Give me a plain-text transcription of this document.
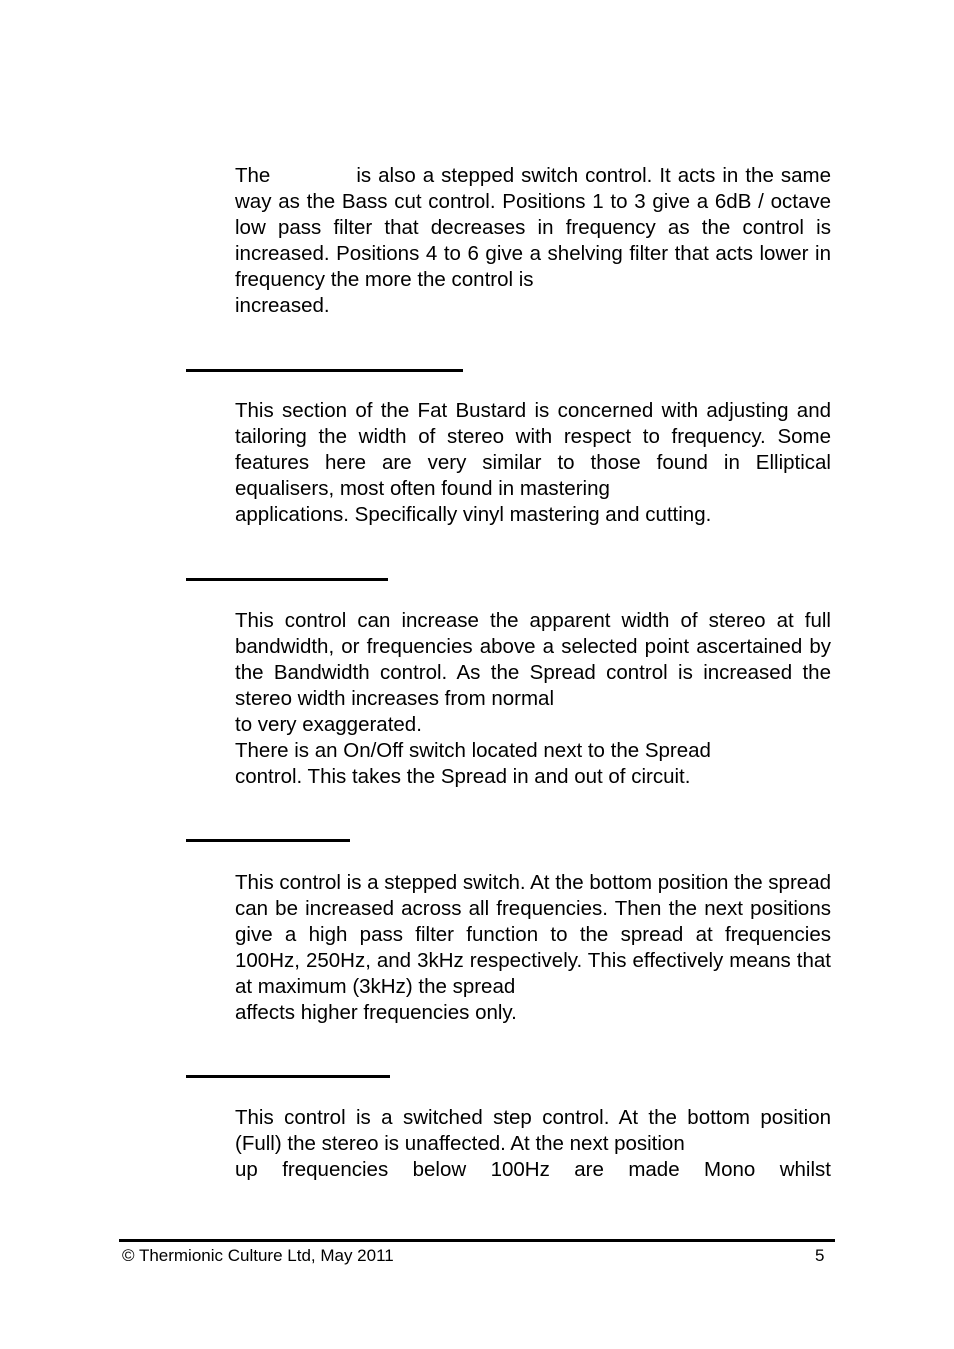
The	is also a stepped switch control. It acts in the same way as the Bass cut control. Positions 1 to 3 give a 6dB / octave low pass filter that decreases in frequency as the control is increased. Positions 4 to 6 give a shelving filter that acts lower in frequency the more the control is
increased.
This section of the Fat Bustard is concerned with adjusting and tailoring the width of stereo with respect to frequency. Some features here are very similar to those found in Elliptical equalisers, most often found in mastering
applications. Specifically vinyl mastering and cutting.
This control can increase the apparent width of stereo at full bandwidth, or frequencies above a selected point ascertained by the Bandwidth control. As the Spread control is increased the stereo width increases from normal
to very exaggerated.
There is an On/Off switch located next to the Spread
control. This takes the Spread in and out of circuit.
This control is a stepped switch. At the bottom position the spread can be increased across all frequencies. Then the next positions give a high pass filter function to the spread at frequencies 100Hz, 250Hz, and 3kHz respectively. This effectively means that at maximum (3kHz) the spread
affects higher frequencies only.
This control is a switched step control. At the bottom position (Full) the stereo is unaffected. At the next position
up frequencies below 100Hz are made Mono whilst
© Thermionic Culture Ltd, May 2011	5
